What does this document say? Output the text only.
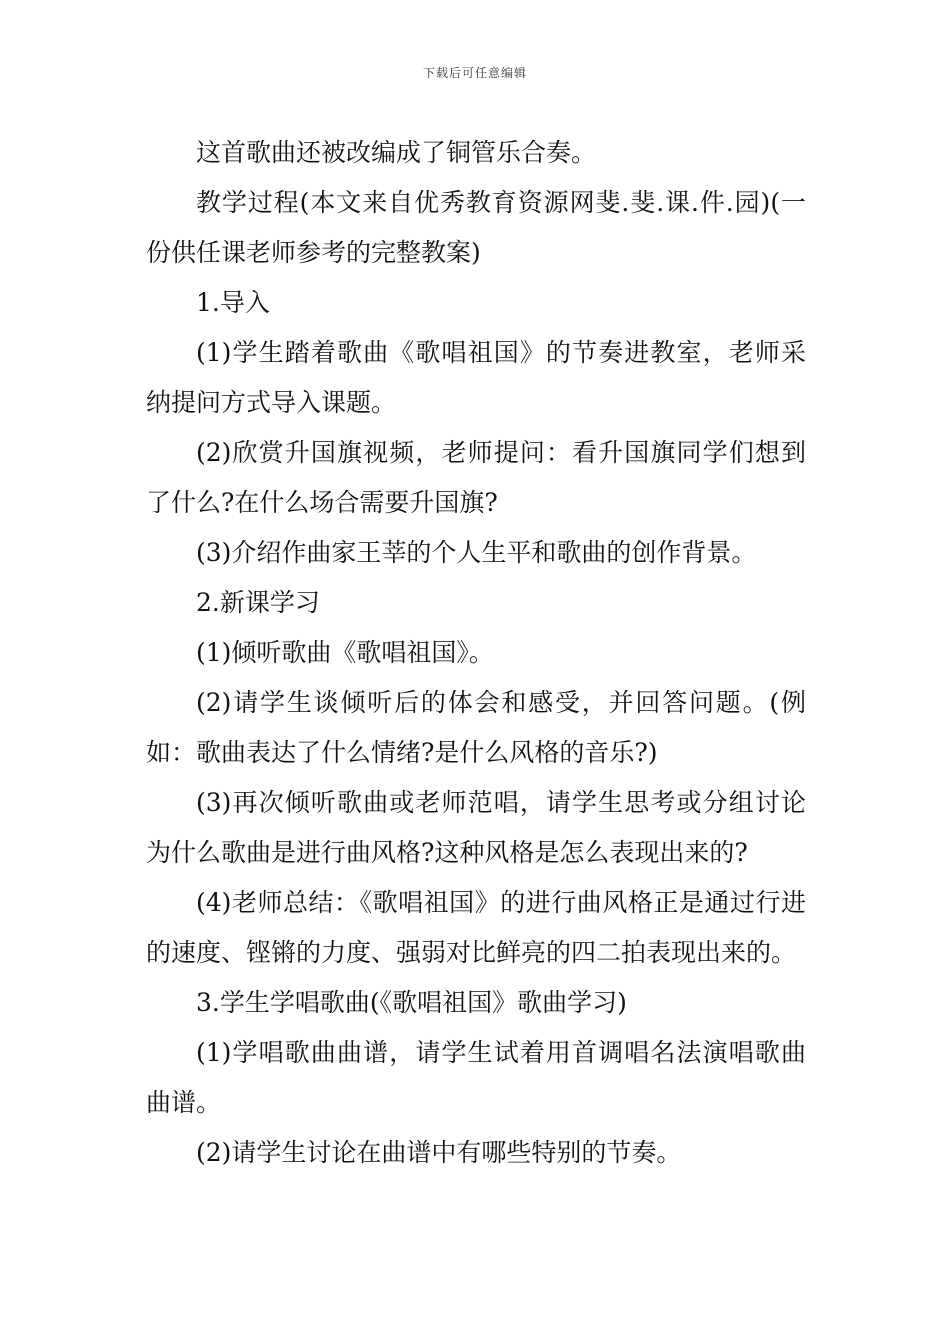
下载后可任意编辑

这首歌曲还被改编成了铜管乐合奏。

教学过程(本文来自优秀教育资源网斐.斐.课.件.园)(一份供任课老师参考的完整教案)

1.导入

(1)学生踏着歌曲《歌唱祖国》的节奏进教室，老师采纳提问方式导入课题。

(2)欣赏升国旗视频，老师提问：看升国旗同学们想到了什么?在什么场合需要升国旗?

(3)介绍作曲家王莘的个人生平和歌曲的创作背景。

2.新课学习

(1)倾听歌曲《歌唱祖国》。

(2)请学生谈倾听后的体会和感受，并回答问题。(例如：歌曲表达了什么情绪?是什么风格的音乐?)

(3)再次倾听歌曲或老师范唱，请学生思考或分组讨论为什么歌曲是进行曲风格?这种风格是怎么表现出来的?

(4)老师总结：《歌唱祖国》的进行曲风格正是通过行进的速度、铿锵的力度、强弱对比鲜亮的四二拍表现出来的。

3.学生学唱歌曲(《歌唱祖国》歌曲学习)

(1)学唱歌曲曲谱，请学生试着用首调唱名法演唱歌曲曲谱。

(2)请学生讨论在曲谱中有哪些特别的节奏。
